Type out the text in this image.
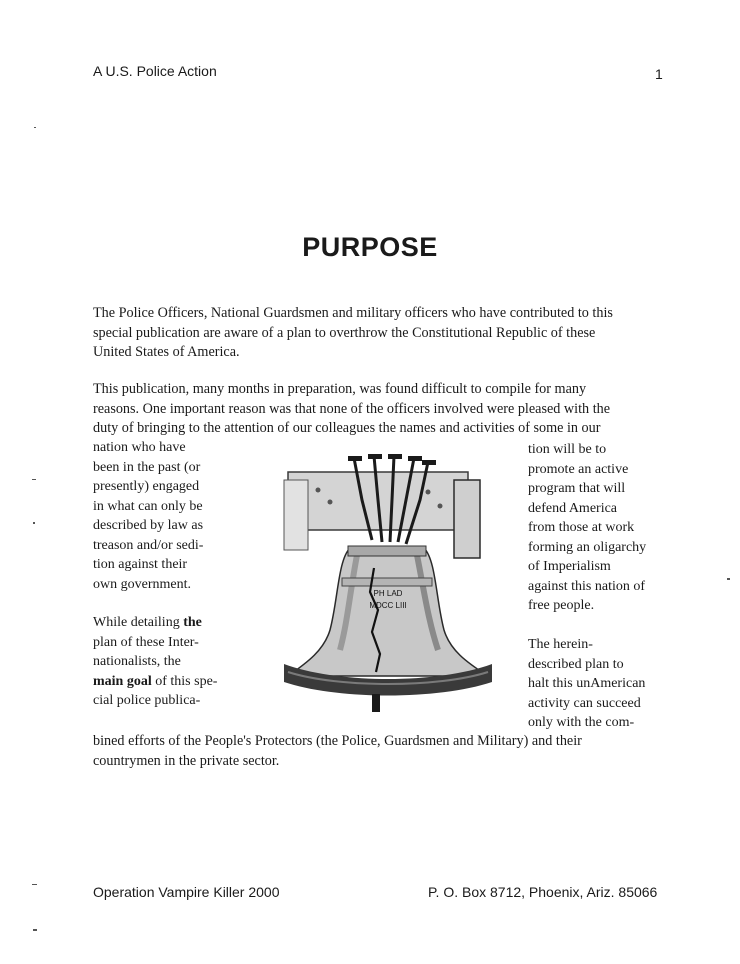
A U.S. Police Action	1
PURPOSE
The Police Officers, National Guardsmen and military officers who have contributed to this
special publication are aware of a plan to overthrow the Constitutional Republic of these
United States of America.
This publication, many months in preparation, was found difficult to compile for many
reasons. One important reason was that none of the officers involved were pleased with the
duty of bringing to the attention of our colleagues the names and activities of some in our
nation who have
been in the past (or
presently) engaged
in what can only be
described by law as
treason and/or sedi-
tion against their
own government.
While detailing the
plan of these Inter-
nationalists, the
main goal of this spe-
cial police publica-
tion will be to
promote an active
program that will
defend America
from those at work
forming an oligarchy
of Imperialism
against this nation of
free people.
The herein-
described plan to
halt this unAmerican
activity can succeed
only with the com-
PH LAD
MDCC LIII
bined efforts of the People's Protectors (the Police, Guardsmen and Military) and their
countrymen in the private sector.
Operation Vampire Killer 2000	P. O. Box 8712, Phoenix, Ariz. 85066
